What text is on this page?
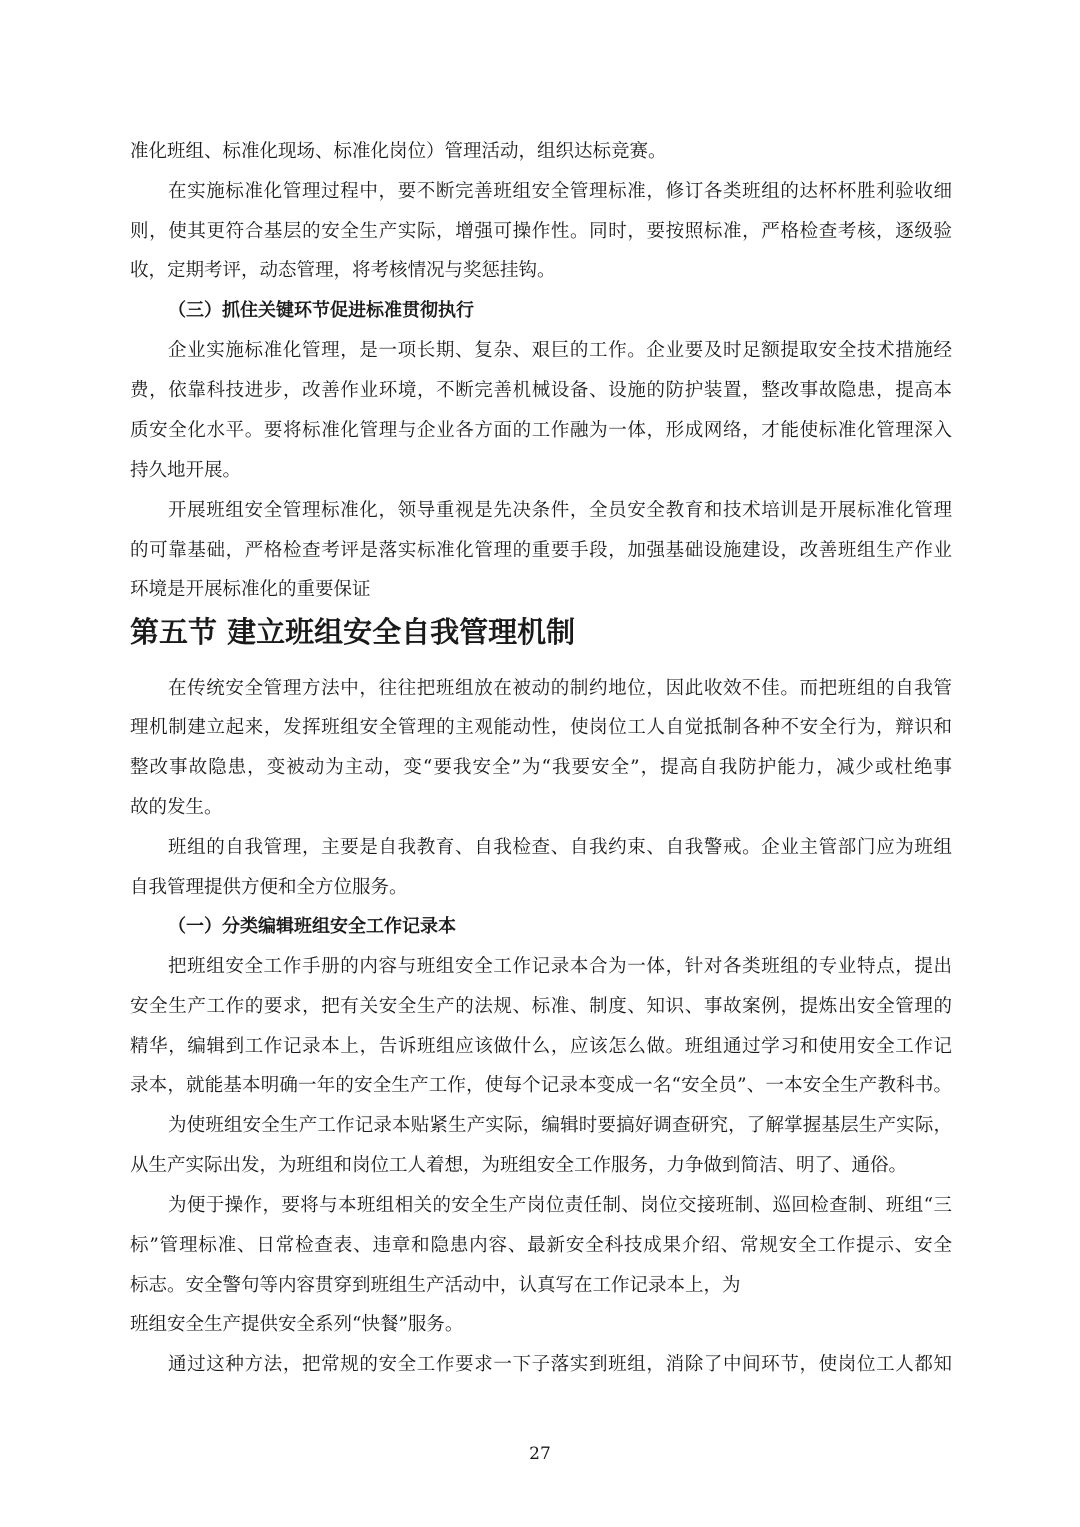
准化班组、标准化现场、标准化岗位）管理活动，组织达标竞赛。
在实施标准化管理过程中，要不断完善班组安全管理标准，修订各类班组的达杯杯胜利验收细
则，使其更符合基层的安全生产实际，增强可操作性。同时，要按照标准，严格检查考核，逐级验
收，定期考评，动态管理，将考核情况与奖惩挂钩。
（三）抓住关键环节促进标准贯彻执行
企业实施标准化管理，是一项长期、复杂、艰巨的工作。企业要及时足额提取安全技术措施经
费，依靠科技进步，改善作业环境，不断完善机械设备、设施的防护装置，整改事故隐患，提高本
质安全化水平。要将标准化管理与企业各方面的工作融为一体，形成网络，才能使标准化管理深入
持久地开展。
开展班组安全管理标准化，领导重视是先决条件，全员安全教育和技术培训是开展标准化管理
的可靠基础，严格检查考评是落实标准化管理的重要手段，加强基础设施建设，改善班组生产作业
环境是开展标准化的重要保证
第五节 建立班组安全自我管理机制
在传统安全管理方法中，往往把班组放在被动的制约地位，因此收效不佳。而把班组的自我管
理机制建立起来，发挥班组安全管理的主观能动性，使岗位工人自觉抵制各种不安全行为，辩识和
整改事故隐患，变被动为主动，变“要我安全”为“我要安全”，提高自我防护能力，减少或杜绝事
故的发生。
班组的自我管理，主要是自我教育、自我检查、自我约束、自我警戒。企业主管部门应为班组
自我管理提供方便和全方位服务。
（一）分类编辑班组安全工作记录本
把班组安全工作手册的内容与班组安全工作记录本合为一体，针对各类班组的专业特点，提出
安全生产工作的要求，把有关安全生产的法规、标准、制度、知识、事故案例，提炼出安全管理的
精华，编辑到工作记录本上，告诉班组应该做什么，应该怎么做。班组通过学习和使用安全工作记
录本，就能基本明确一年的安全生产工作，使每个记录本变成一名“安全员”、一本安全生产教科书。
为使班组安全生产工作记录本贴紧生产实际，编辑时要搞好调查研究，了解掌握基层生产实际，
从生产实际出发，为班组和岗位工人着想，为班组安全工作服务，力争做到简洁、明了、通俗。
为便于操作，要将与本班组相关的安全生产岗位责任制、岗位交接班制、巡回检查制、班组“三
标”管理标准、日常检查表、违章和隐患内容、最新安全科技成果介绍、常规安全工作提示、安全
标志。安全警句等内容贯穿到班组生产活动中，认真写在工作记录本上，为
班组安全生产提供安全系列“快餐”服务。
通过这种方法，把常规的安全工作要求一下子落实到班组，消除了中间环节，使岗位工人都知
27
